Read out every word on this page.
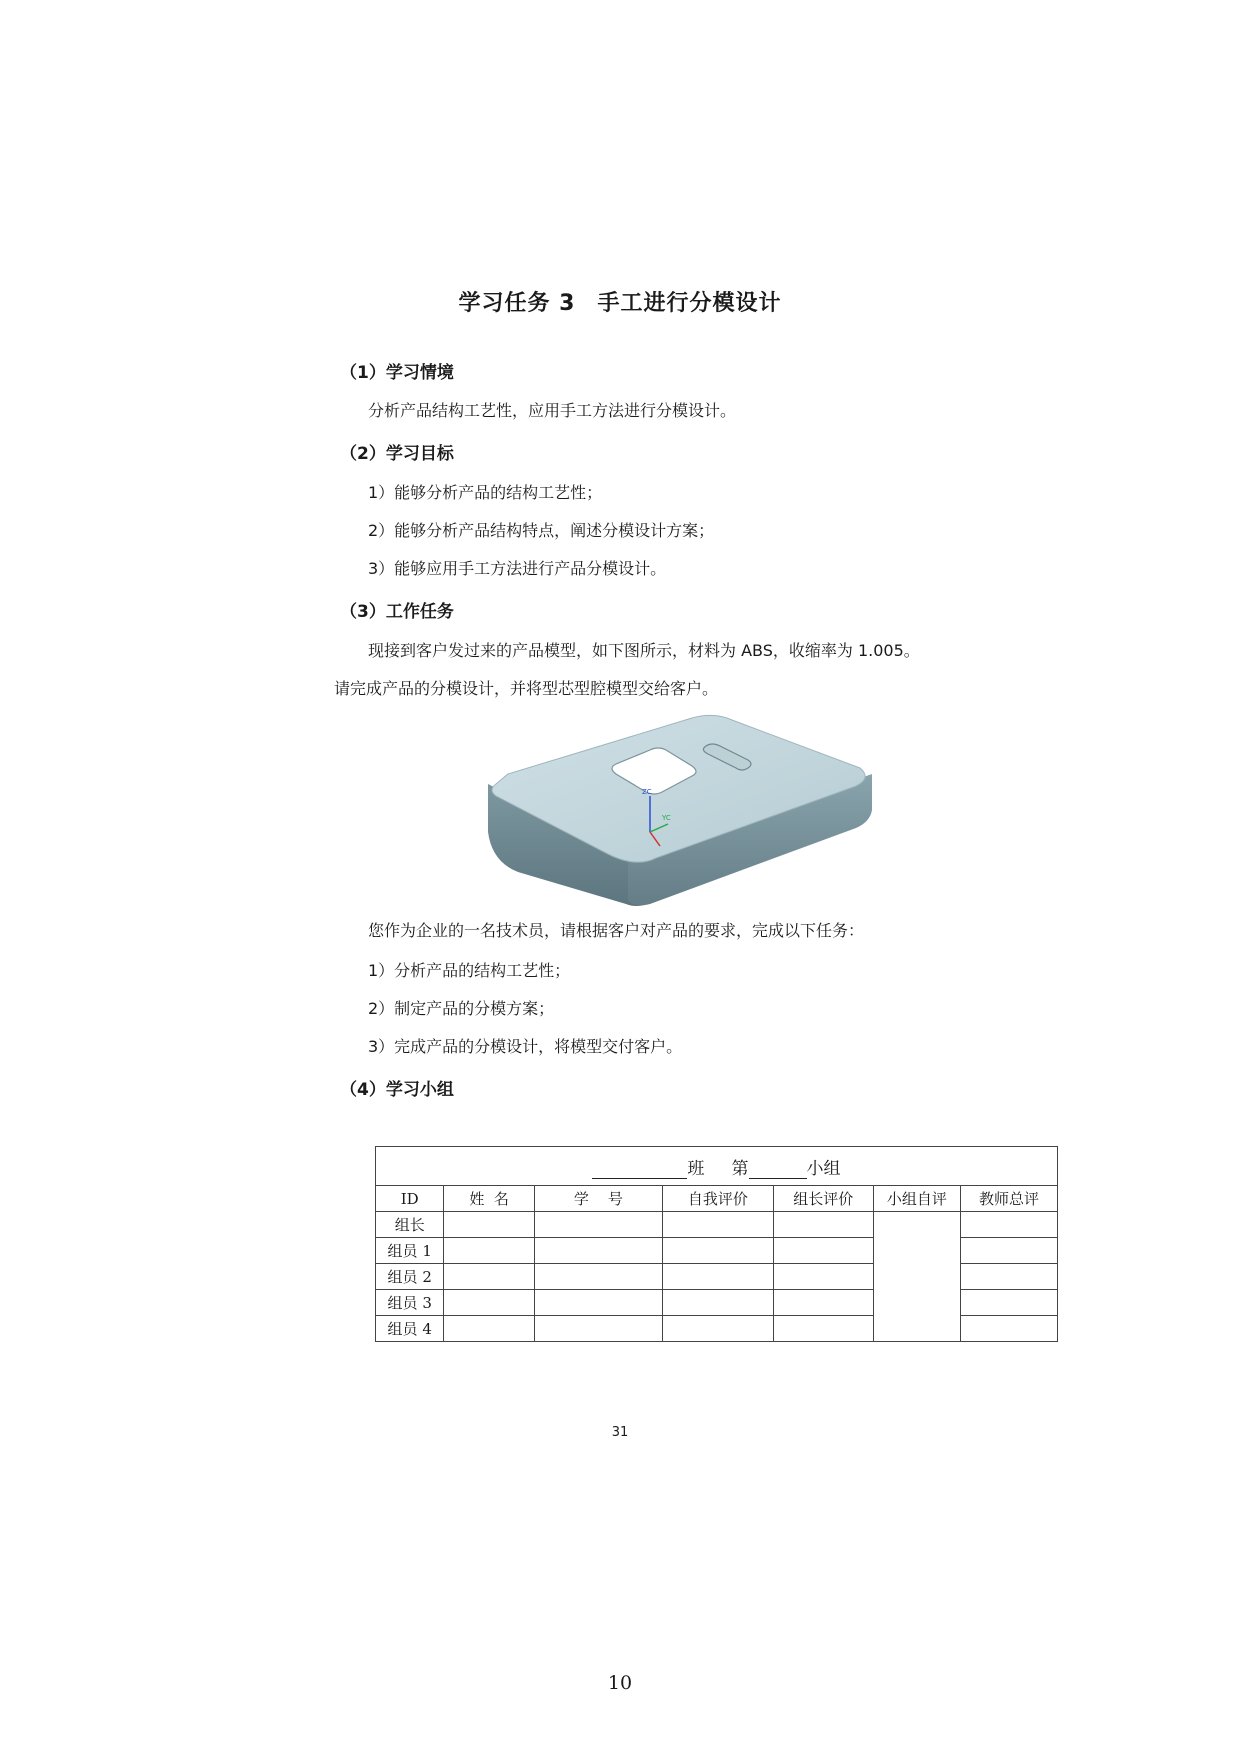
学习任务 3 手工进行分模设计
（1）学习情境
分析产品结构工艺性，应用手工方法进行分模设计。
（2）学习目标
1）能够分析产品的结构工艺性；
2）能够分析产品结构特点，阐述分模设计方案；
3）能够应用手工方法进行产品分模设计。
（3）工作任务
现接到客户发过来的产品模型，如下图所示，材料为 ABS，收缩率为 1.005。
请完成产品的分模设计，并将型芯型腔模型交给客户。
ZC
YC
您作为企业的一名技术员，请根据客户对产品的要求，完成以下任务：
1）分析产品的结构工艺性；
2）制定产品的分模方案；
3）完成产品的分模设计，将模型交付客户。
（4）学习小组
班 第 小组						
ID	姓  名	学    号	自我评价	组长评价	小组自评	教师总评
组长						
组员 1						
组员 2						
组员 3						
组员 4						
31
10
